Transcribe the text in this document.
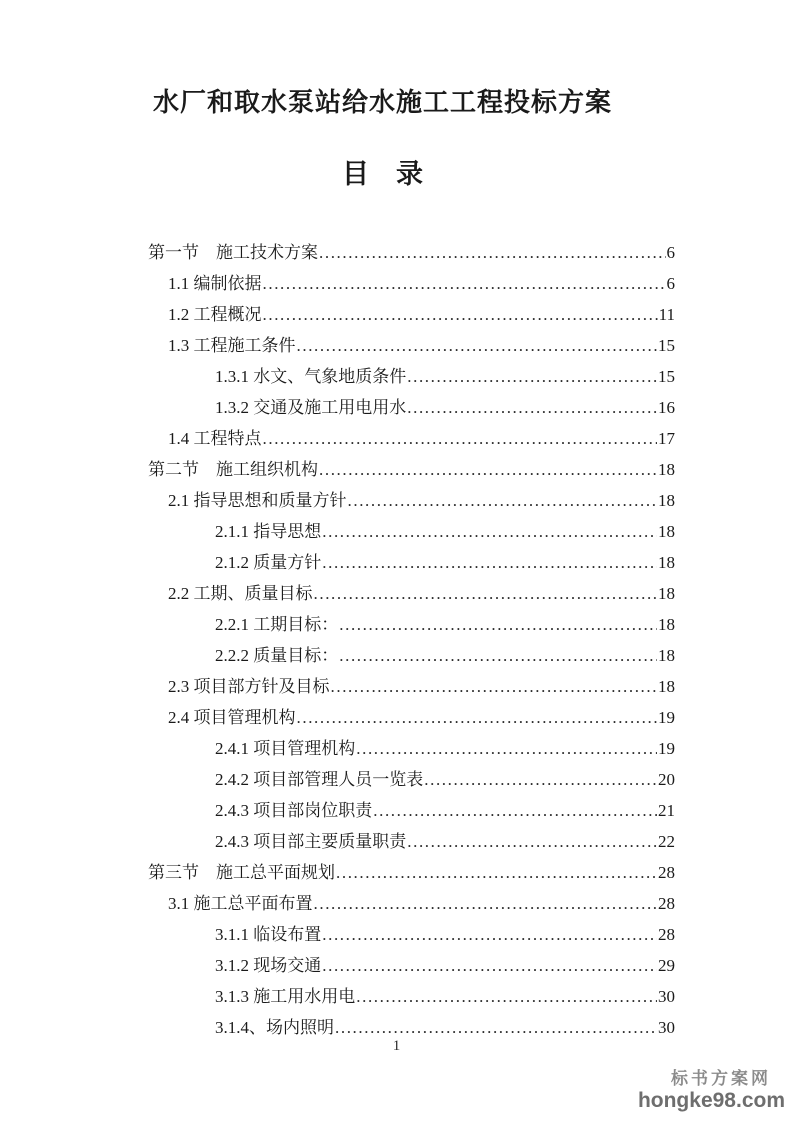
水厂和取水泵站给水施工工程投标方案
目　录
第一节　施工技术方案 .....	6
1.1 编制依据 .....	6
1.2 工程概况 .....	11
1.3 工程施工条件 .....	15
1.3.1 水文、气象地质条件 .....	15
1.3.2 交通及施工用电用水 .....	16
1.4 工程特点 .....	17
第二节　施工组织机构 .....	18
2.1 指导思想和质量方针 .....	18
2.1.1 指导思想 .....	18
2.1.2 质量方针 .....	18
2.2 工期、质量目标 .....	18
2.2.1 工期目标： .....	18
2.2.2 质量目标： .....	18
2.3 项目部方针及目标 .....	18
2.4 项目管理机构 .....	19
2.4.1 项目管理机构 .....	19
2.4.2 项目部管理人员一览表 .....	20
2.4.3 项目部岗位职责 .....	21
2.4.3 项目部主要质量职责 .....	22
第三节　施工总平面规划 .....	28
3.1 施工总平面布置 .....	28
3.1.1 临设布置 .....	28
3.1.2 现场交通 .....	29
3.1.3 施工用水用电 .....	30
3.1.4、场内照明 .....	30
1
标书方案网
hongke98.com
